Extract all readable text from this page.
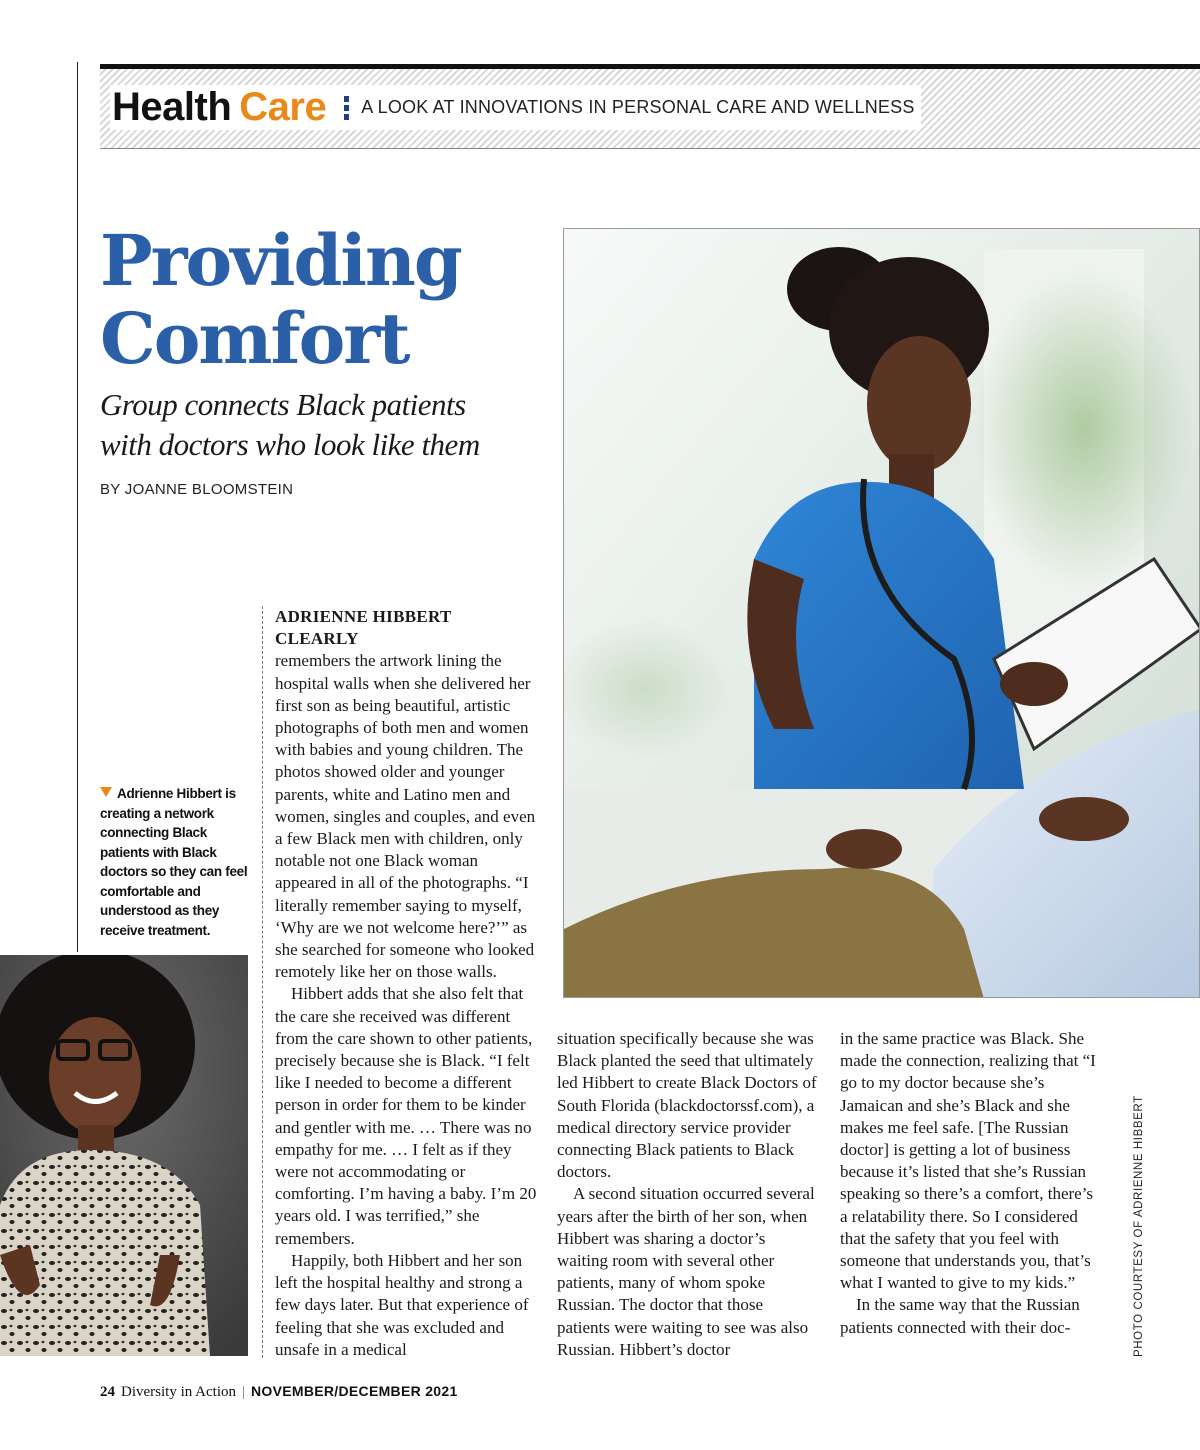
Health Care A LOOK AT INNOVATIONS IN PERSONAL CARE AND WELLNESS
Providing
Comfort
Group connects Black patients
with doctors who look like them
BY JOANNE BLOOMSTEIN
Adrienne Hibbert is creating a network connecting Black patients with Black doctors so they can feel comfortable and understood as they receive treatment.

ADRIENNE HIBBERT CLEARLY
remembers the artwork lining the hospital walls when she delivered her first son as being beautiful, artistic photographs of both men and women with babies and young children. The photos showed older and younger parents, white and Latino men and women, singles and couples, and even a few Black men with children, only notable not one Black woman appeared in all of the photographs. “I literally remember saying to myself, ‘Why are we not welcome here?’” as she searched for someone who looked remotely like her on those walls.

Hibbert adds that she also felt that the care she received was different from the care shown to other patients, precisely because she is Black. “I felt like I needed to become a different person in order for them to be kinder and gentler with me. … There was no empathy for me. … I felt as if they were not accommodating or comforting. I’m having a baby. I’m 20 years old. I was terrified,” she remembers.

Happily, both Hibbert and her son left the hospital healthy and strong a few days later. But that experience of feeling that she was excluded and unsafe in a medical

situation specifically because she was Black planted the seed that ultimately led Hibbert to create Black Doctors of South Florida (blackdoctorssf.com), a medical directory service provider connecting Black patients to Black doctors.

A second situation occurred several years after the birth of her son, when Hibbert was sharing a doctor’s waiting room with several other patients, many of whom spoke Russian. The doctor that those patients were waiting to see was also Russian. Hibbert’s doctor

in the same practice was Black. She made the connection, realizing that “I go to my doctor because she’s Jamaican and she’s Black and she makes me feel safe. [The Russian doctor] is getting a lot of business because it’s listed that she’s Russian speaking so there’s a comfort, there’s a relatability there. So I considered that the safety that you feel with someone that understands you, that’s what I wanted to give to my kids.”

In the same way that the Russian patients connected with their doc-	PHOTO COURTESY OF ADRIENNE HIBBERT
24 Diversity in Action | NOVEMBER/DECEMBER 2021
